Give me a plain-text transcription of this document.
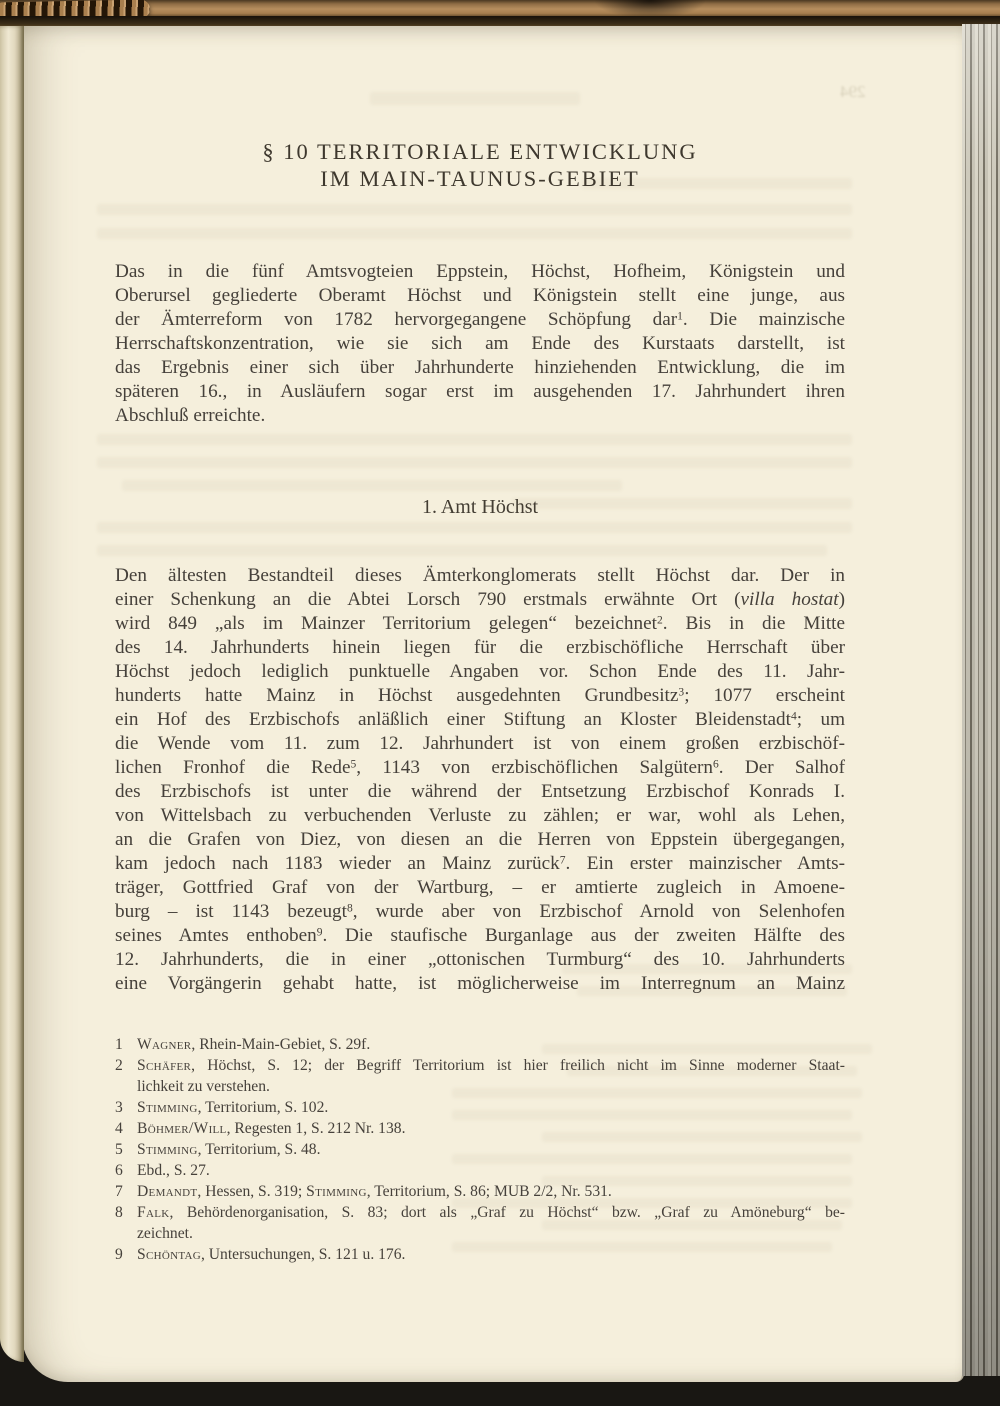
294
§ 10 TERRITORIALE ENTWICKLUNG
IM MAIN-TAUNUS-GEBIET
Das in die fünf Amtsvogteien Eppstein, Höchst, Hofheim, Königstein und
Oberursel gegliederte Oberamt Höchst und Königstein stellt eine junge, aus
der Ämterreform von 1782 hervorgegangene Schöpfung dar$^1$. Die mainzische
Herrschaftskonzentration, wie sie sich am Ende des Kurstaats darstellt, ist
das Ergebnis einer sich über Jahrhunderte hinziehenden Entwicklung, die im
späteren 16., in Ausläufern sogar erst im ausgehenden 17. Jahrhundert ihren
Abschluß erreichte.
1. Amt Höchst
Den ältesten Bestandteil dieses Ämterkonglomerats stellt Höchst dar. Der in
einer Schenkung an die Abtei Lorsch 790 erstmals erwähnte Ort (villa hostat)
wird 849 „als im Mainzer Territorium gelegen“ bezeichnet$^2$. Bis in die Mitte
des 14. Jahrhunderts hinein liegen für die erzbischöfliche Herrschaft über
Höchst jedoch lediglich punktuelle Angaben vor. Schon Ende des 11. Jahr-
hunderts hatte Mainz in Höchst ausgedehnten Grundbesitz$^3$; 1077 erscheint
ein Hof des Erzbischofs anläßlich einer Stiftung an Kloster Bleidenstadt$^4$; um
die Wende vom 11. zum 12. Jahrhundert ist von einem großen erzbischöf-
lichen Fronhof die Rede$^5$, 1143 von erzbischöflichen Salgütern$^6$. Der Salhof
des Erzbischofs ist unter die während der Entsetzung Erzbischof Konrads I.
von Wittelsbach zu verbuchenden Verluste zu zählen; er war, wohl als Lehen,
an die Grafen von Diez, von diesen an die Herren von Eppstein übergegangen,
kam jedoch nach 1183 wieder an Mainz zurück$^7$. Ein erster mainzischer Amts-
träger, Gottfried Graf von der Wartburg, – er amtierte zugleich in Amoene-
burg – ist 1143 bezeugt$^8$, wurde aber von Erzbischof Arnold von Selenhofen
seines Amtes enthoben$^9$. Die staufische Burganlage aus der zweiten Hälfte des
12. Jahrhunderts, die in einer „ottonischen Turmburg“ des 10. Jahrhunderts
eine Vorgängerin gehabt hatte, ist möglicherweise im Interregnum an Mainz
1 Wagner, Rhein-Main-Gebiet, S. 29f.
2 Schäfer, Höchst, S. 12; der Begriff Territorium ist hier freilich nicht im Sinne moderner Staat-
lichkeit zu verstehen.
3 Stimming, Territorium, S. 102.
4 Böhmer/Will, Regesten 1, S. 212 Nr. 138.
5 Stimming, Territorium, S. 48.
6 Ebd., S. 27.
7 Demandt, Hessen, S. 319; Stimming, Territorium, S. 86; MUB 2/2, Nr. 531.
8 Falk, Behördenorganisation, S. 83; dort als „Graf zu Höchst“ bzw. „Graf zu Amöneburg“ be-
zeichnet.
9 Schöntag, Untersuchungen, S. 121 u. 176.
